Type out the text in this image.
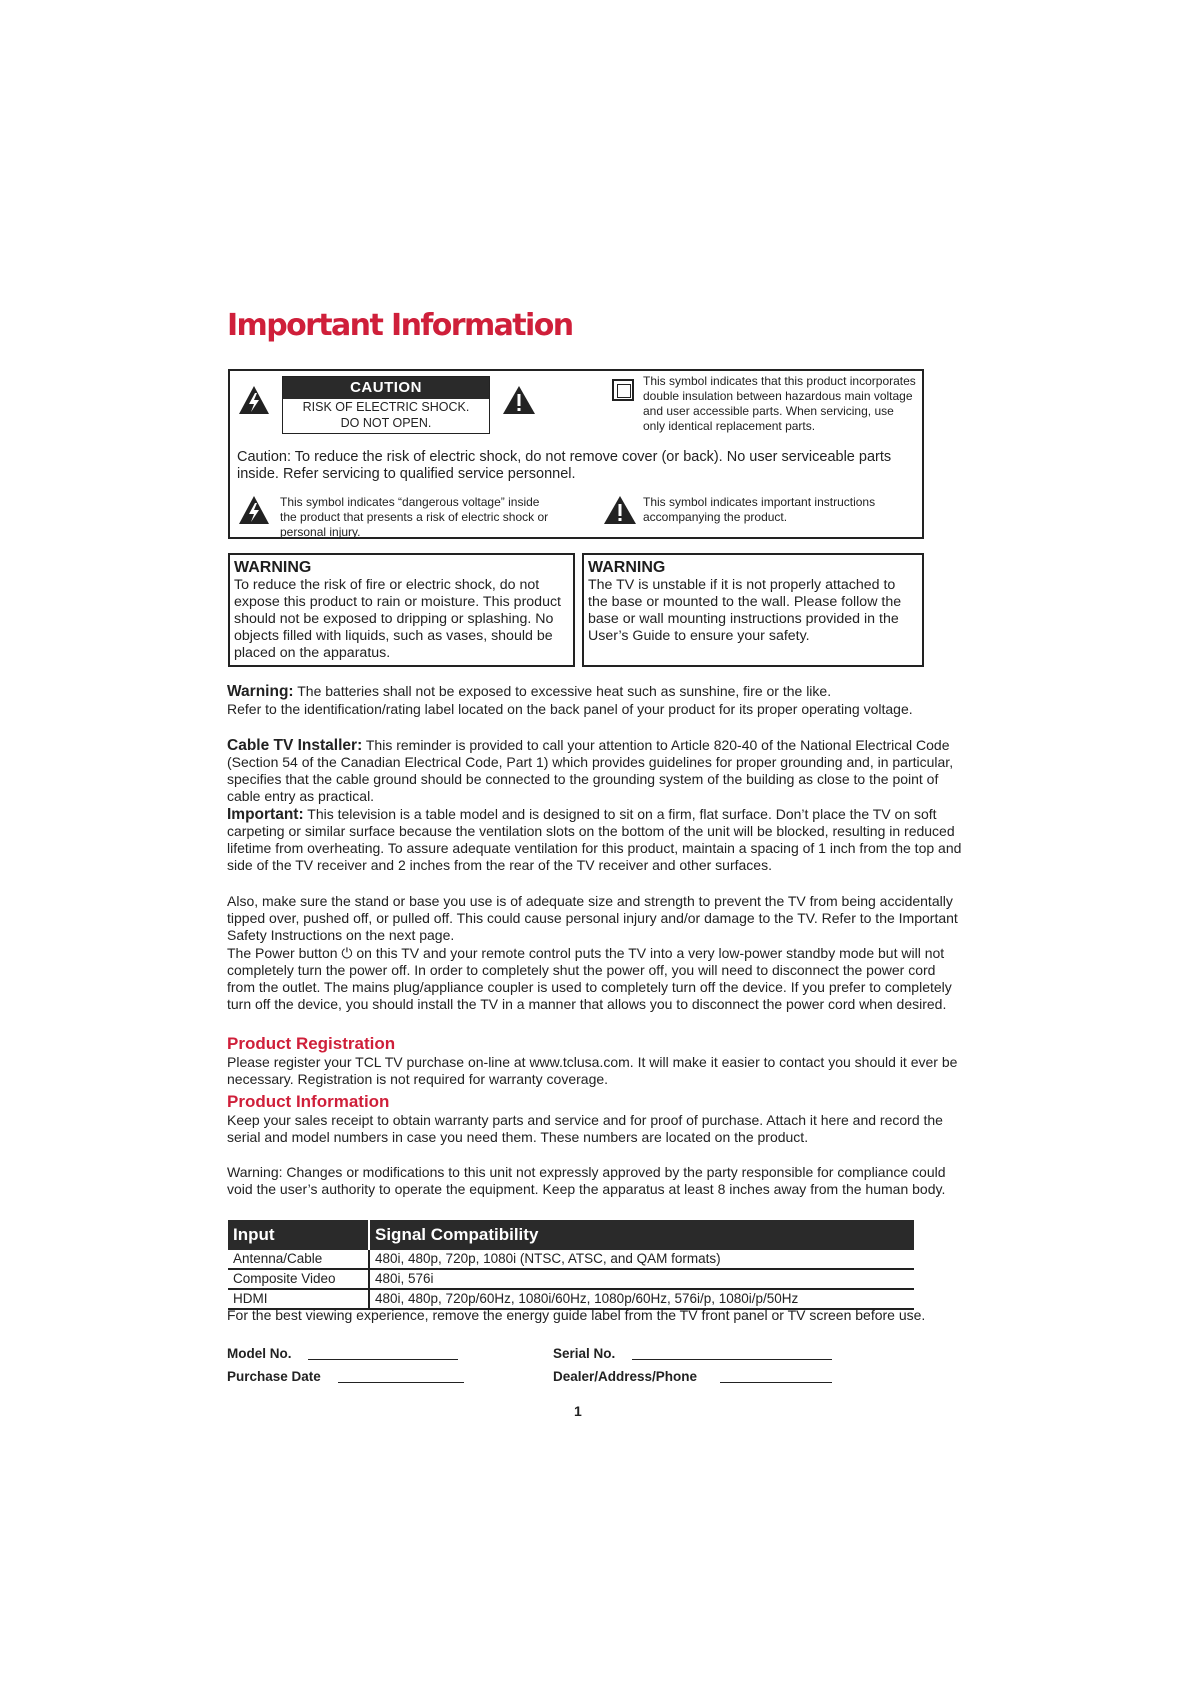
Important Information
CAUTION
RISK OF ELECTRIC SHOCK.
DO NOT OPEN.
This symbol indicates that this product incorporates double insulation between hazardous main voltage and user accessible parts. When servicing, use only identical replacement parts.
Caution: To reduce the risk of electric shock, do not remove cover (or back). No user serviceable parts inside. Refer servicing to qualified service personnel.
This symbol indicates “dangerous voltage” inside the product that presents a risk of electric shock or personal injury.
This symbol indicates important instructions accompanying the product.
WARNING
To reduce the risk of fire or electric shock, do not expose this product to rain or moisture. This product should not be exposed to dripping or splashing. No objects filled with liquids, such as vases, should be placed on the apparatus.
WARNING
The TV is unstable if it is not properly attached to the base or mounted to the wall. Please follow the base or wall mounting instructions provided in the User’s Guide to ensure your safety.

Warning: The batteries shall not be exposed to excessive heat such as sunshine, fire or the like.

Refer to the identification/rating label located on the back panel of your product for its proper operating voltage.

Cable TV Installer: This reminder is provided to call your attention to Article 820-40 of the National Electrical Code (Section 54 of the Canadian Electrical Code, Part 1) which provides guidelines for proper grounding and, in particular, specifies that the cable ground should be connected to the grounding system of the building as close to the point of cable entry as practical.

Important: This television is a table model and is designed to sit on a firm, flat surface. Don’t place the TV on soft carpeting or similar surface because the ventilation slots on the bottom of the unit will be blocked, resulting in reduced lifetime from overheating. To assure adequate ventilation for this product, maintain a spacing of 1 inch from the top and side of the TV receiver and 2 inches from the rear of the TV receiver and other surfaces.

Also, make sure the stand or base you use is of adequate size and strength to prevent the TV from being accidentally tipped over, pushed off, or pulled off. This could cause personal injury and/or damage to the TV. Refer to the Important Safety Instructions on the next page.

The Power button ⏻ on this TV and your remote control puts the TV into a very low-power standby mode but will not completely turn the power off. In order to completely shut the power off, you will need to disconnect the power cord from the outlet. The mains plug/appliance coupler is used to completely turn off the device. If you prefer to completely turn off the device, you should install the TV in a manner that allows you to disconnect the power cord when desired.

Product Registration

Please register your TCL TV purchase on-line at www.tclusa.com. It will make it easier to contact you should it ever be necessary. Registration is not required for warranty coverage.

Product Information

Keep your sales receipt to obtain warranty parts and service and for proof of purchase. Attach it here and record the serial and model numbers in case you need them. These numbers are located on the product.

Warning: Changes or modifications to this unit not expressly approved by the party responsible for compliance could void the user’s authority to operate the equipment. Keep the apparatus at least 8 inches away from the human body.

Input	Signal Compatibility
Antenna/Cable	480i, 480p, 720p, 1080i (NTSC, ATSC, and QAM formats)
Composite Video	480i, 576i
HDMI	480i, 480p, 720p/60Hz, 1080i/60Hz, 1080p/60Hz, 576i/p, 1080i/p/50Hz

For the best viewing experience, remove the energy guide label from the TV front panel or TV screen before use.

Model No.	Serial No.
Purchase Date	Dealer/Address/Phone
1
